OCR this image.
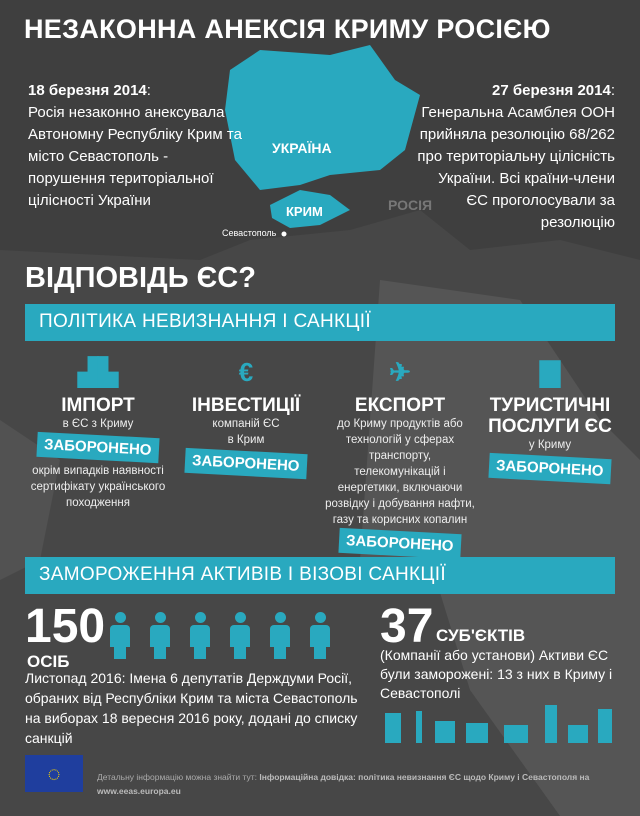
НЕЗАКОННА АНЕКСІЯ КРИМУ РОСІЄЮ
18 березня 2014:
Росія незаконно анексувала Автономну Республіку Крим та місто Севастополь - порушення територіальної цілісності України
27 березня 2014:
Генеральна Асамблея ООН прийняла резолюцію 68/262 про територіальну цілісність України. Всі країни-члени ЄС проголосували за резолюцію
УКРАЇНА
РОСІЯ
КРИМ
Севастополь
ВІДПОВІДЬ ЄС?
ПОЛІТИКА НЕВИЗНАННЯ І САНКЦІЇ
▟▙
ІМПОРТ
в ЄС з Криму
ЗАБОРОНЕНО
окрім випадків наявності сертифікату українського походження
€
ІНВЕСТИЦІЇ
компаній ЄС в Крим
ЗАБОРОНЕНО
✈
ЕКСПОРТ
до Криму продуктів або технологій у сферах транспорту, телекомунікацій і енергетики, включаючи розвідку і добування нафти, газу та корисних копалин
ЗАБОРОНЕНО
▇
ТУРИСТИЧНІ ПОСЛУГИ ЄС
у Криму
ЗАБОРОНЕНО
ЗАМОРОЖЕННЯ АКТИВІВ І ВІЗОВІ САНКЦІЇ
150
ОСІБ
Листопад 2016: Імена 6 депутатів Держдуми Росії, обраних від Республіки Крим та міста Севастополь на виборах 18 вересня 2016 року, додані до списку санкцій
37 СУБ'ЄКТІВ
(Компанії або установи) Активи ЄС були заморожені: 13 з них в Криму і Севастополі
◌	Детальну інформацію можна знайти тут: Інформаційна довідка: політика невизнання ЄС щодо Криму і Севастополя на
www.eeas.europa.eu
